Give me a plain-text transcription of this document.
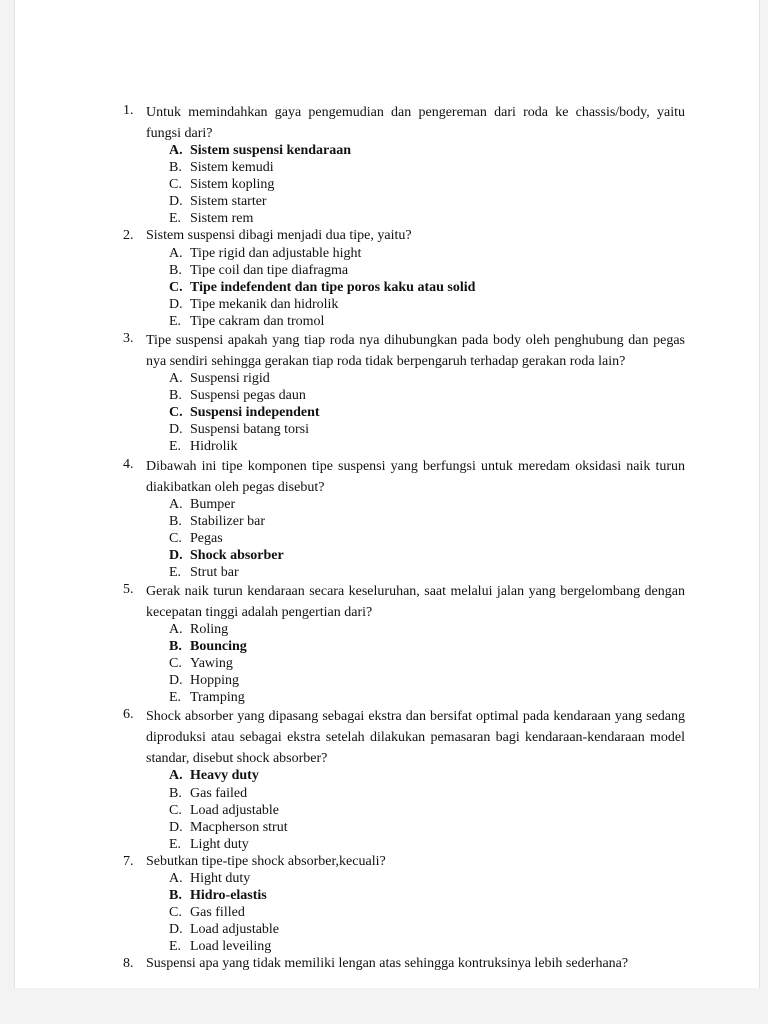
1. Untuk memindahkan gaya pengemudian dan pengereman dari roda ke chassis/body, yaitu fungsi dari?
A. Sistem suspensi kendaraan
B. Sistem kemudi
C. Sistem kopling
D. Sistem starter
E. Sistem rem
2. Sistem suspensi dibagi menjadi dua tipe, yaitu?
A. Tipe rigid dan adjustable hight
B. Tipe coil dan tipe diafragma
C. Tipe indefendent dan tipe poros kaku atau solid
D. Tipe mekanik dan hidrolik
E. Tipe cakram dan tromol
3. Tipe suspensi apakah yang tiap roda nya dihubungkan pada body oleh penghubung dan pegas nya sendiri sehingga gerakan tiap roda tidak berpengaruh terhadap gerakan roda lain?
A. Suspensi rigid
B. Suspensi pegas daun
C. Suspensi independent
D. Suspensi batang torsi
E. Hidrolik
4. Dibawah ini tipe komponen tipe suspensi yang berfungsi untuk meredam oksidasi naik turun diakibatkan oleh pegas disebut?
A. Bumper
B. Stabilizer bar
C. Pegas
D. Shock absorber
E. Strut bar
5. Gerak naik turun kendaraan secara keseluruhan, saat melalui jalan yang bergelombang dengan kecepatan tinggi adalah pengertian dari?
A. Roling
B. Bouncing
C. Yawing
D. Hopping
E. Tramping
6. Shock absorber yang dipasang sebagai ekstra dan bersifat optimal pada kendaraan yang sedang diproduksi atau sebagai ekstra setelah dilakukan pemasaran bagi kendaraan-kendaraan model standar, disebut shock absorber?
A. Heavy duty
B. Gas failed
C. Load adjustable
D. Macpherson strut
E. Light duty
7. Sebutkan tipe-tipe shock absorber,kecuali?
A. Hight duty
B. Hidro-elastis
C. Gas filled
D. Load adjustable
E. Load leveiling
8. Suspensi apa yang tidak memiliki lengan atas sehingga kontruksinya lebih sederhana?
